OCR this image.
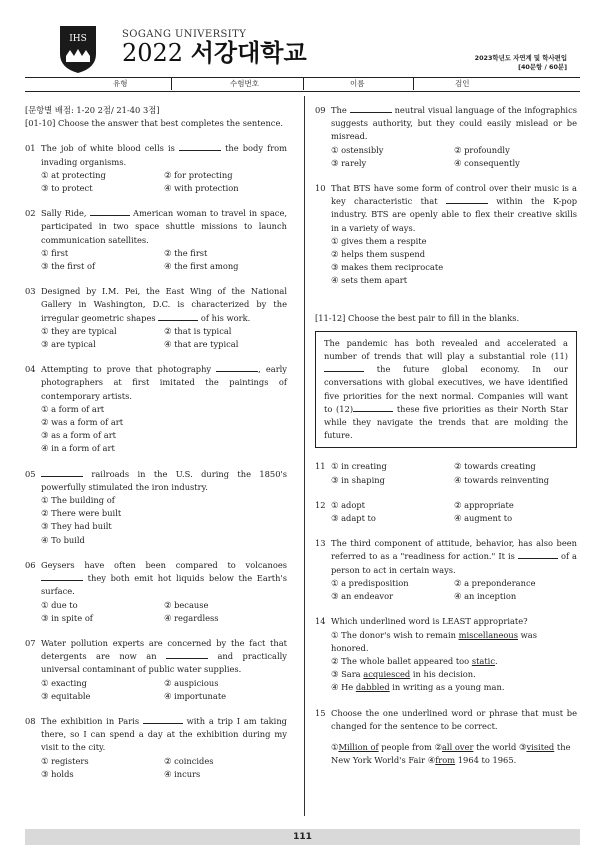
IHS	SOGANG UNIVERSITY
2022 서강대학교	2023학년도 자연계 및 학사편입
[40문항 / 60분]
유형	수험번호	이름	검인
[문항별 배점: 1-20 2점/ 21-40 3점]
[01-10] Choose the answer that best completes the sentence.
01 The job of white blood cells is	the body from invading organisms.
① at protecting	② for protecting
③ to protect	④ with protection
02 Sally Ride,	American woman to travel in space, participated in two space shuttle missions to launch communication satellites.
① first	② the first
③ the first of	④ the first among
03 Designed by I.M. Pei, the East Wing of the National Gallery in Washington, D.C. is characterized by the irregular geometric shapes	of his work.
① they are typical	② that is typical
③ are typical	④ that are typical
04 Attempting to prove that photography	, early photographers at first imitated the paintings of contemporary artists.
① a form of art
② was a form of art
③ as a form of art
④ in a form of art
05	railroads in the U.S. during the 1850's powerfully stimulated the iron industry.
① The building of
② There were built
③ They had built
④ To build
06 Geysers have often been compared to volcanoes  they both emit hot liquids below the Earth's surface.
① due to	② because
③ in spite of	④ regardless
07 Water pollution experts are concerned by the fact that detergents are now an	and practically universal contaminant of public water supplies.
① exacting	② auspicious
③ equitable	④ importunate
08 The exhibition in Paris	with a trip I am taking there, so I can spend a day at the exhibition during my visit to the city.
① registers	② coincides
③ holds	④ incurs
09 The	neutral visual language of the infographics suggests authority, but they could easily mislead or be misread.
① ostensibly	② profoundly
③ rarely	④ consequently
10 That BTS have some form of control over their music is a key characteristic that	within the K-pop industry. BTS are openly able to flex their creative skills in a variety of ways.
① gives them a respite
② helps them suspend
③ makes them reciprocate
④ sets them apart
[11-12] Choose the best pair to fill in the blanks.
The pandemic has both revealed and accelerated a number of trends that will play a substantial role (11) the future global economy. In our conversations with global executives, we have identified five priorities for the next normal. Companies will want to (12)	these five priorities as their North Star while they navigate the trends that are molding the future.
11 ① in creating	② towards creating
③ in shaping	④ towards reinventing
12 ① adopt	② appropriate
③ adapt to	④ augment to
13 The third component of attitude, behavior, has also been referred to as a "readiness for action." It is	of a person to act in certain ways.
① a predisposition	② a preponderance
③ an endeavor	④ an inception
14 Which underlined word is LEAST appropriate?
① The donor's wish to remain miscellaneous was honored.
② The whole ballet appeared too static.
③ Sara acquiesced in his decision.
④ He dabbled in writing as a young man.
15 Choose the one underlined word or phrase that must be changed for the sentence to be correct.
①Million of people from ②all over the world ③visited the New York World's Fair ④from 1964 to 1965.
111
